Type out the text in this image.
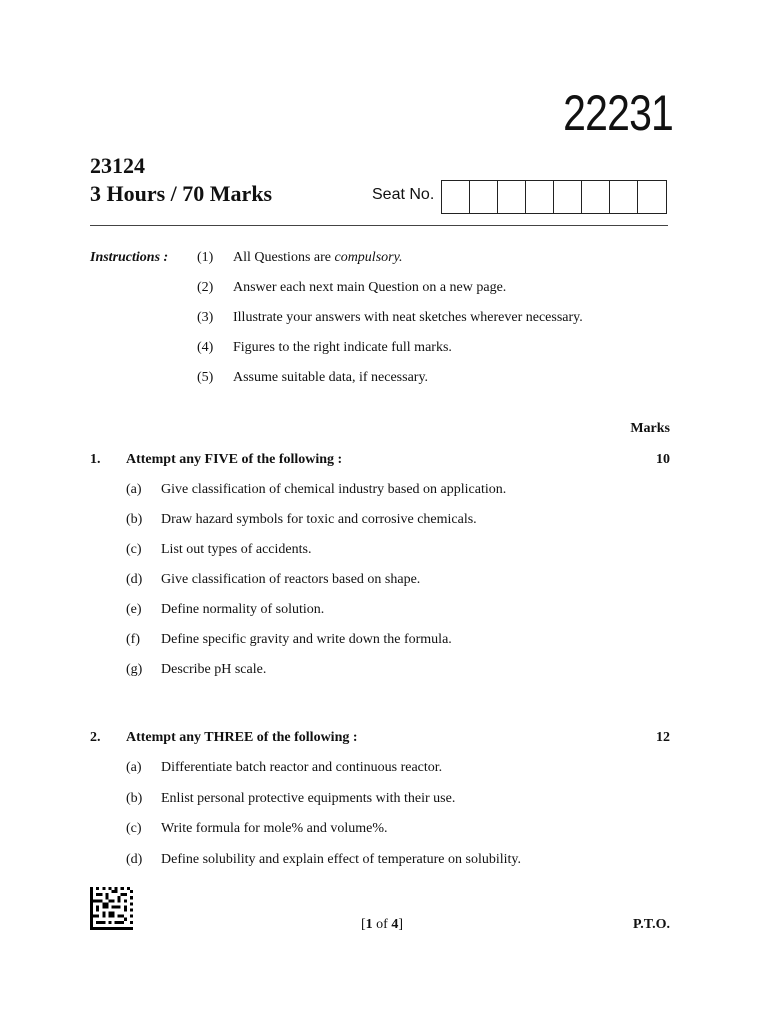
22231
23124
3 Hours / 70 Marks	Seat No.
Instructions : (1)	All Questions are compulsory.
(2)	Answer each next main Question on a new page.
(3)	Illustrate your answers with neat sketches wherever necessary.
(4)	Figures to the right indicate full marks.
(5)	Assume suitable data, if necessary.
Marks
1. Attempt any FIVE of the following :	10
(a)	Give classification of chemical industry based on application.
(b)	Draw hazard symbols for toxic and corrosive chemicals.
(c)	List out types of accidents.
(d)	Give classification of reactors based on shape.
(e)	Define normality of solution.
(f)	Define specific gravity and write down the formula.
(g)	Describe pH scale.
2. Attempt any THREE of the following :	12
(a)	Differentiate batch reactor and continuous reactor.
(b)	Enlist personal protective equipments with their use.
(c)	Write formula for mole% and volume%.
(d)	Define solubility and explain effect of temperature on solubility.
[1 of 4]	P.T.O.
